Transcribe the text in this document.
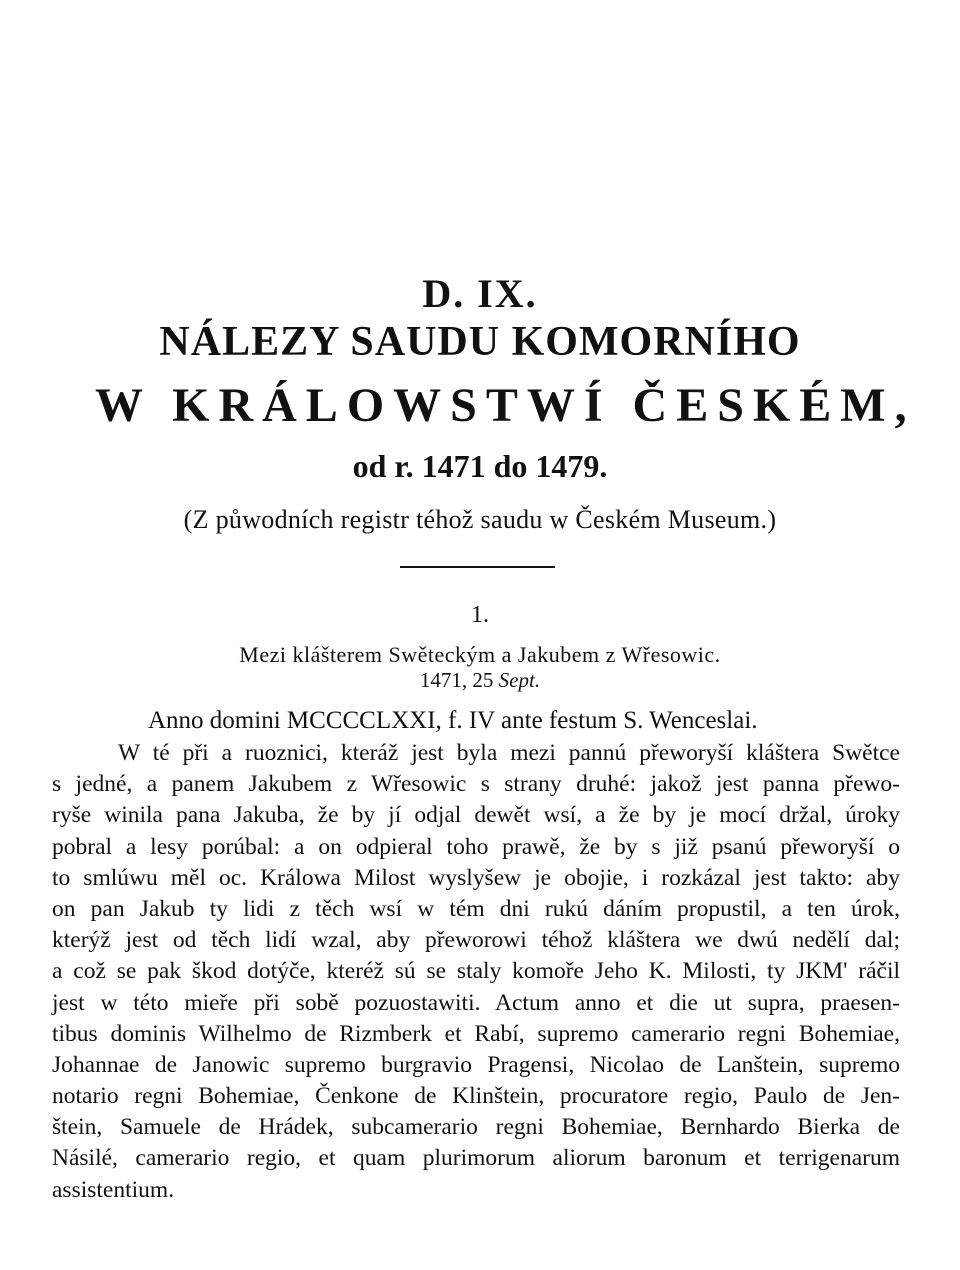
D. IX.
NÁLEZY SAUDU KOMORNÍHO
W KRÁLOWSTWÍ ČESKÉM,
od r. 1471 do 1479.
(Z půwodních registr téhož saudu w Českém Museum.)
1.
Mezi klášterem Swěteckým a Jakubem z Wřesowic.
1471, 25 Sept.
Anno domini MCCCCLXXI, f. IV ante festum S. Wenceslai.
W té při a ruoznici, kteráž jest byla mezi pannú přeworyší kláštera Swětce
s jedné, a panem Jakubem z Wřesowic s strany druhé: jakož jest panna přewo-
ryše winila pana Jakuba, že by jí odjal dewět wsí, a že by je mocí držal, úroky
pobral a lesy porúbal: a on odpieral toho prawě, že by s již psanú přeworyší o
to smlúwu měl oc. Králowa Milost wyslyšew je obojie, i rozkázal jest takto: aby
on pan Jakub ty lidi z těch wsí w tém dni rukú dáním propustil, a ten úrok,
kterýž jest od těch lidí wzal, aby přeworowi téhož kláštera we dwú nedělí dal;
a což se pak škod dotýče, kteréž sú se staly komoře Jeho K. Milosti, ty JKM' ráčil
jest w této mieře při sobě pozuostawiti. Actum anno et die ut supra, praesen-
tibus dominis Wilhelmo de Rizmberk et Rabí, supremo camerario regni Bohemiae,
Johannae de Janowic supremo burgravio Pragensi, Nicolao de Lanštein, supremo
notario regni Bohemiae, Čenkone de Klinštein, procuratore regio, Paulo de Jen-
štein, Samuele de Hrádek, subcamerario regni Bohemiae, Bernhardo Bierka de
Násilé, camerario regio, et quam plurimorum aliorum baronum et terrigenarum
assistentium.
